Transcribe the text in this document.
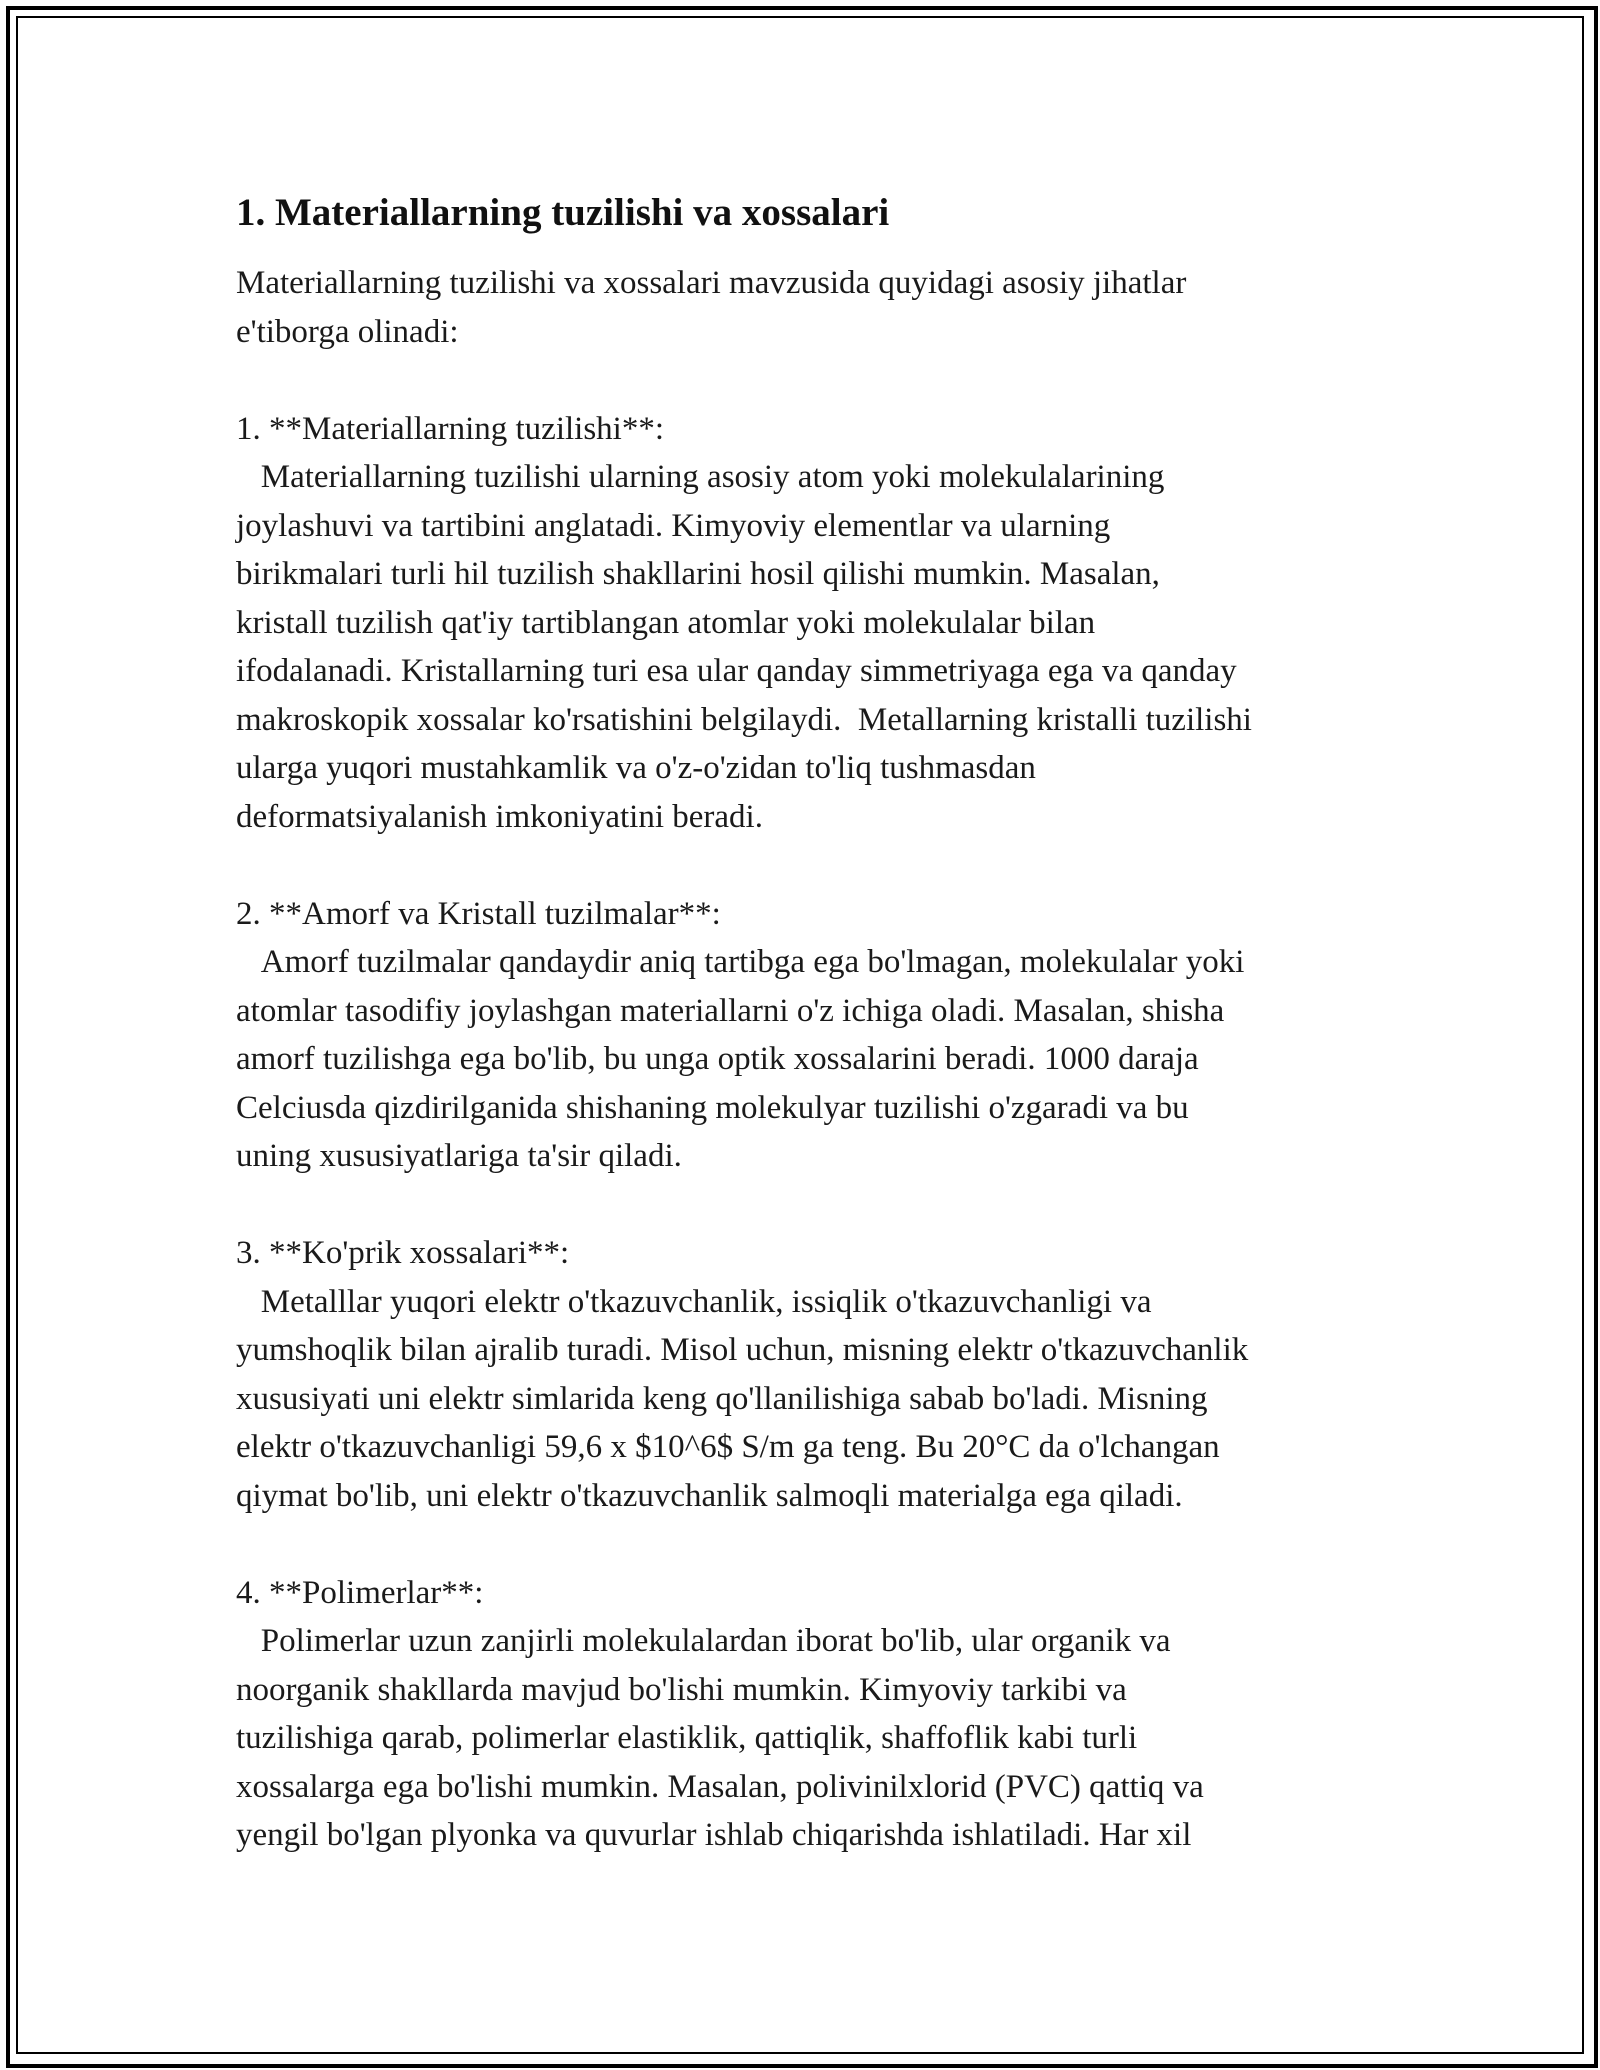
1. Materiallarning tuzilishi va xossalari

Materiallarning tuzilishi va xossalari mavzusida quyidagi asosiy jihatlar
e'tiborga olinadi:

1. **Materiallarning tuzilishi**:

Materiallarning tuzilishi ularning asosiy atom yoki molekulalarining
joylashuvi va tartibini anglatadi. Kimyoviy elementlar va ularning
birikmalari turli hil tuzilish shakllarini hosil qilishi mumkin. Masalan,
kristall tuzilish qat'iy tartiblangan atomlar yoki molekulalar bilan
ifodalanadi. Kristallarning turi esa ular qanday simmetriyaga ega va qanday
makroskopik xossalar ko'rsatishini belgilaydi.  Metallarning kristalli tuzilishi
ularga yuqori mustahkamlik va o'z-o'zidan to'liq tushmasdan
deformatsiyalanish imkoniyatini beradi.

2. **Amorf va Kristall tuzilmalar**:

Amorf tuzilmalar qandaydir aniq tartibga ega bo'lmagan, molekulalar yoki
atomlar tasodifiy joylashgan materiallarni o'z ichiga oladi. Masalan, shisha
amorf tuzilishga ega bo'lib, bu unga optik xossalarini beradi. 1000 daraja
Celciusda qizdirilganida shishaning molekulyar tuzilishi o'zgaradi va bu
uning xususiyatlariga ta'sir qiladi.

3. **Ko'prik xossalari**:

Metalllar yuqori elektr o'tkazuvchanlik, issiqlik o'tkazuvchanligi va
yumshoqlik bilan ajralib turadi. Misol uchun, misning elektr o'tkazuvchanlik
xususiyati uni elektr simlarida keng qo'llanilishiga sabab bo'ladi. Misning
elektr o'tkazuvchanligi 59,6 x $10^6$ S/m ga teng. Bu 20°C da o'lchangan
qiymat bo'lib, uni elektr o'tkazuvchanlik salmoqli materialga ega qiladi.

4. **Polimerlar**:

Polimerlar uzun zanjirli molekulalardan iborat bo'lib, ular organik va
noorganik shakllarda mavjud bo'lishi mumkin. Kimyoviy tarkibi va
tuzilishiga qarab, polimerlar elastiklik, qattiqlik, shaffoflik kabi turli
xossalarga ega bo'lishi mumkin. Masalan, polivinilxlorid (PVC) qattiq va
yengil bo'lgan plyonka va quvurlar ishlab chiqarishda ishlatiladi. Har xil
